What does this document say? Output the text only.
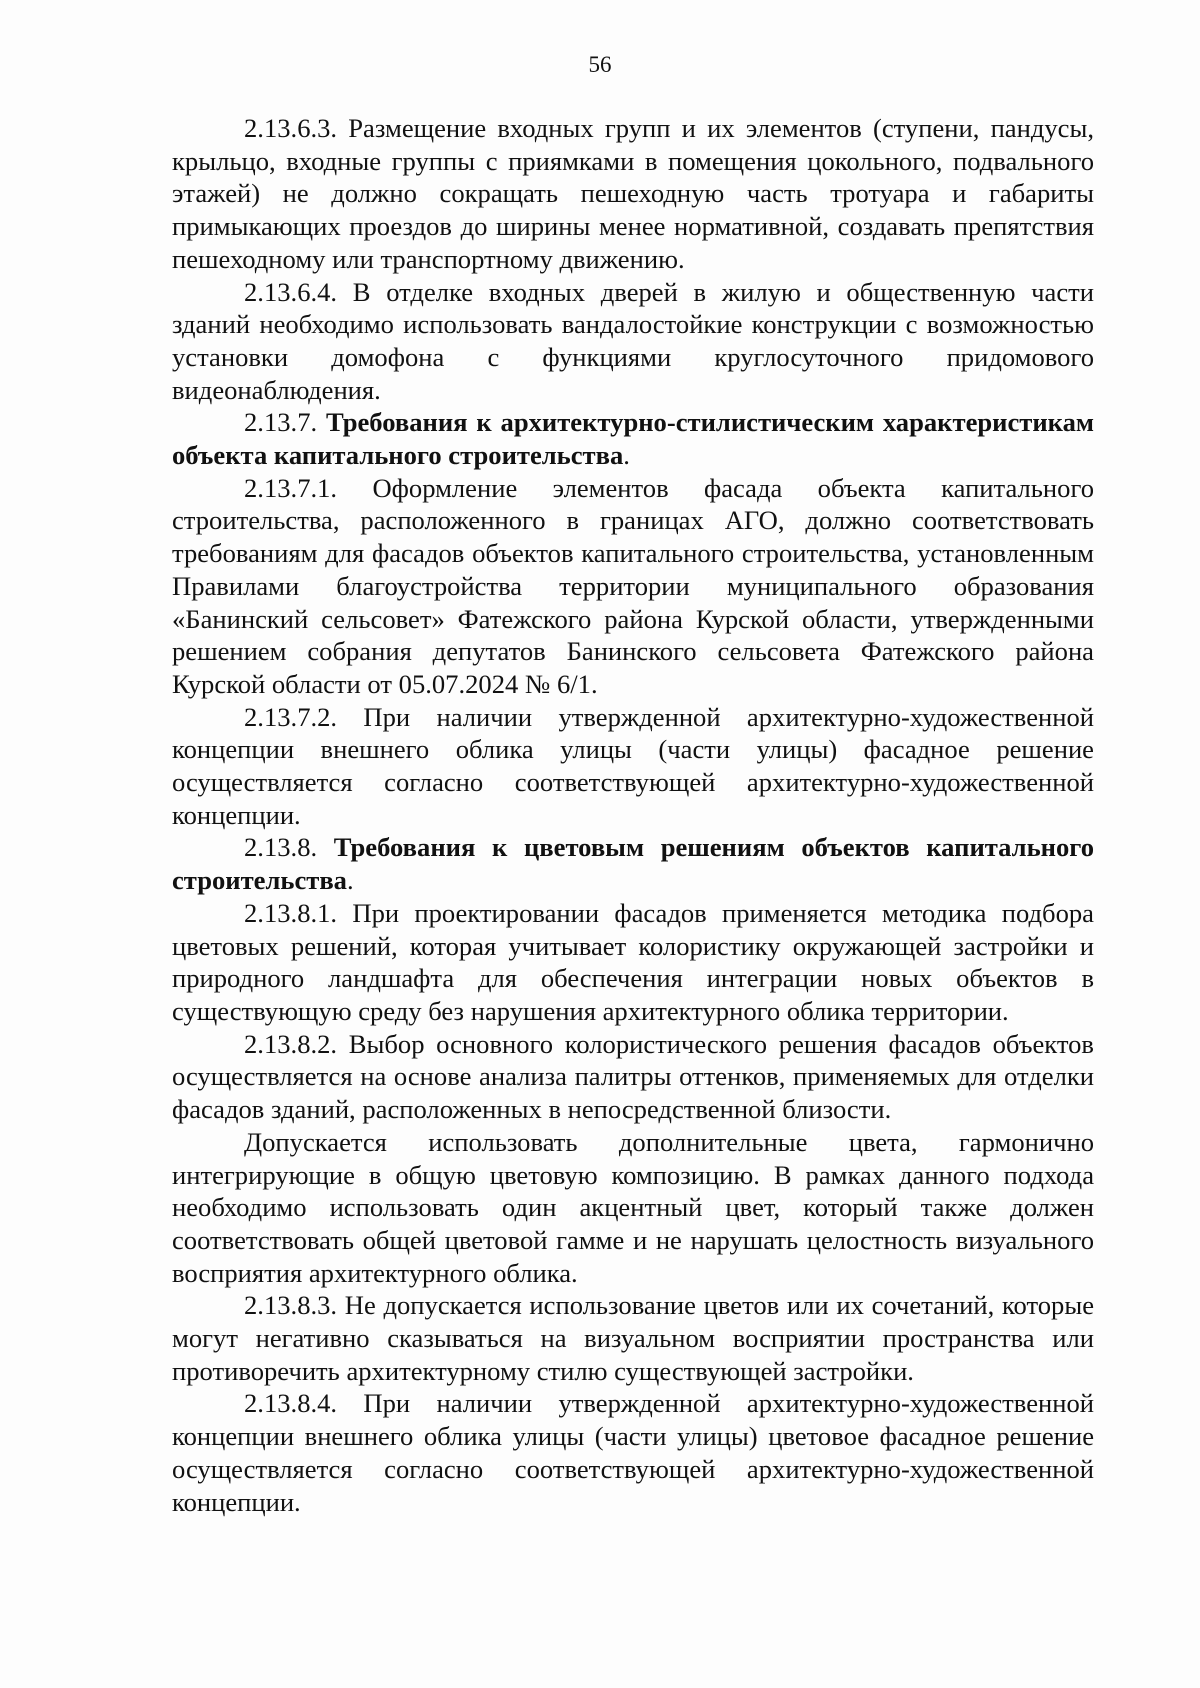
56

2.13.6.3. Размещение входных групп и их элементов (ступени, пандусы, крыльцо, входные группы с приямками в помещения цокольного, подвального этажей) не должно сокращать пешеходную часть тротуара и габариты примыкающих проездов до ширины менее нормативной, создавать препятствия пешеходному или транспортному движению.

2.13.6.4. В отделке входных дверей в жилую и общественную части зданий необходимо использовать вандалостойкие конструкции с возможностью установки домофона с функциями круглосуточного придомового видеонаблюдения.

2.13.7. Требования к архитектурно-стилистическим характеристикам объекта капитального строительства.

2.13.7.1. Оформление элементов фасада объекта капитального строительства, расположенного в границах АГО, должно соответствовать требованиям для фасадов объектов капитального строительства, установленным Правилами благоустройства территории муниципального образования «Банинский сельсовет» Фатежского района Курской области, утвержденными решением собрания депутатов Банинского сельсовета Фатежского района Курской области от 05.07.2024 № 6/1.

2.13.7.2. При наличии утвержденной архитектурно-художественной концепции внешнего облика улицы (части улицы) фасадное решение осуществляется согласно соответствующей архитектурно-художественной концепции.

2.13.8. Требования к цветовым решениям объектов капитального строительства.

2.13.8.1. При проектировании фасадов применяется методика подбора цветовых решений, которая учитывает колористику окружающей застройки и природного ландшафта для обеспечения интеграции новых объектов в существующую среду без нарушения архитектурного облика территории.

2.13.8.2. Выбор основного колористического решения фасадов объектов осуществляется на основе анализа палитры оттенков, применяемых для отделки фасадов зданий, расположенных в непосредственной близости.

Допускается использовать дополнительные цвета, гармонично интегрирующие в общую цветовую композицию. В рамках данного подхода необходимо использовать один акцентный цвет, который также должен соответствовать общей цветовой гамме и не нарушать целостность визуального восприятия архитектурного облика.

2.13.8.3. Не допускается использование цветов или их сочетаний, которые могут негативно сказываться на визуальном восприятии пространства или противоречить архитектурному стилю существующей застройки.

2.13.8.4. При наличии утвержденной архитектурно-художественной концепции внешнего облика улицы (части улицы) цветовое фасадное решение осуществляется согласно соответствующей архитектурно-художественной концепции.
